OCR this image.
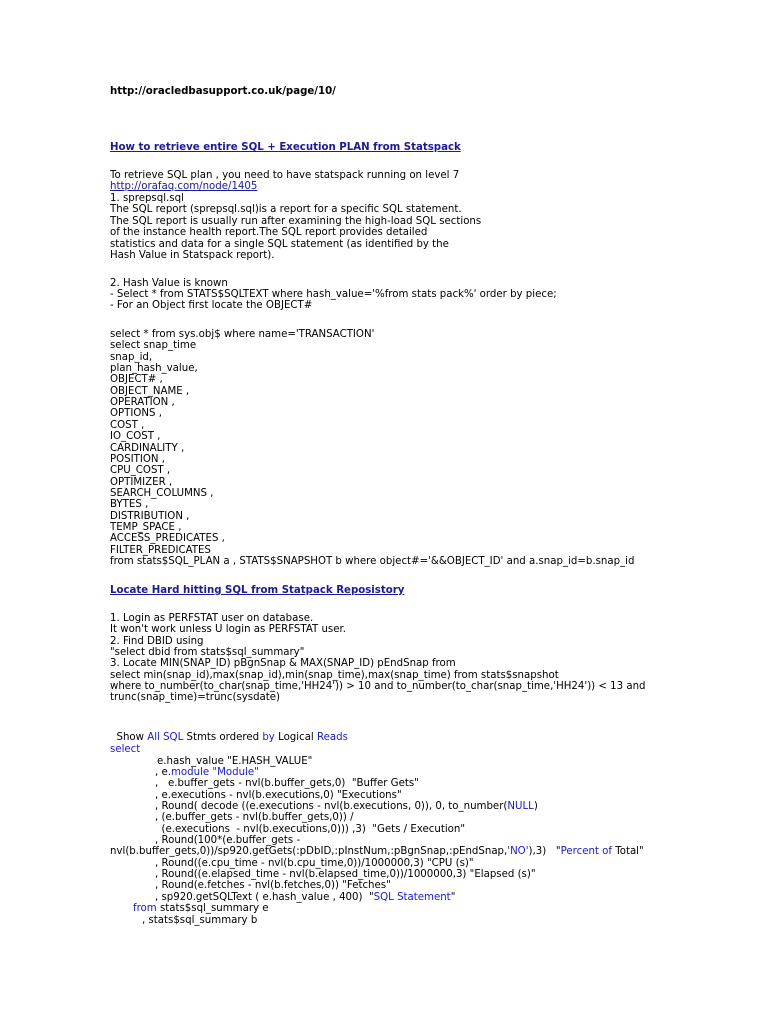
http://oracledbasupport.co.uk/page/10/
How to retrieve entire SQL + Execution PLAN from Statspack
To retrieve SQL plan , you need to have statspack running on level 7
http://orafaq.com/node/1405
1. sprepsql.sql
The SQL report (sprepsql.sql)is a report for a specific SQL statement.
The SQL report is usually run after examining the high-load SQL sections
of the instance health report.The SQL report provides detailed
statistics and data for a single SQL statement (as identified by the
Hash Value in Statspack report).
2. Hash Value is known
- Select * from STATS$SQLTEXT where hash_value='%from stats pack%' order by piece;
- For an Object first locate the OBJECT#
select * from sys.obj$ where name='TRANSACTION'
select snap_time
snap_id,
plan_hash_value,
OBJECT# ,
OBJECT_NAME ,
OPERATION ,
OPTIONS ,
COST ,
IO_COST ,
CARDINALITY ,
POSITION ,
CPU_COST ,
OPTIMIZER ,
SEARCH_COLUMNS ,
BYTES ,
DISTRIBUTION ,
TEMP_SPACE ,
ACCESS_PREDICATES ,
FILTER_PREDICATES
from stats$SQL_PLAN a , STATS$SNAPSHOT b where object#='&&OBJECT_ID' and a.snap_id=b.snap_id
Locate Hard hitting SQL from Statpack Reposistory
1. Login as PERFSTAT user on database.
It won't work unless U login as PERFSTAT user.
2. Find DBID using
"select dbid from stats$sql_summary"
3. Locate MIN(SNAP_ID) pBgnSnap & MAX(SNAP_ID) pEndSnap from
select min(snap_id),max(snap_id),min(snap_time),max(snap_time) from stats$snapshot
where to_number(to_char(snap_time,'HH24')) > 10 and to_number(to_char(snap_time,'HH24')) < 13 and
trunc(snap_time)=trunc(sysdate)

Show All SQL Stmts ordered by Logical Reads

select
e.hash_value "E.HASH_VALUE"
, e.module "Module"
,   e.buffer_gets - nvl(b.buffer_gets,0)  "Buffer Gets"
, e.executions - nvl(b.executions,0) "Executions"
, Round( decode ((e.executions - nvl(b.executions, 0)), 0, to_number(NULL)
, (e.buffer_gets - nvl(b.buffer_gets,0)) /
(e.executions  - nvl(b.executions,0))) ,3)  "Gets / Execution"
, Round(100*(e.buffer_gets -
nvl(b.buffer_gets,0))/sp920.getGets(:pDbID,:pInstNum,:pBgnSnap,:pEndSnap,'NO'),3)   "Percent of Total"
, Round((e.cpu_time - nvl(b.cpu_time,0))/1000000,3) "CPU (s)"
, Round((e.elapsed_time - nvl(b.elapsed_time,0))/1000000,3) "Elapsed (s)"
, Round(e.fetches - nvl(b.fetches,0)) "Fetches"
, sp920.getSQLText ( e.hash_value , 400)  "SQL Statement"
from stats$sql_summary e
, stats$sql_summary b
